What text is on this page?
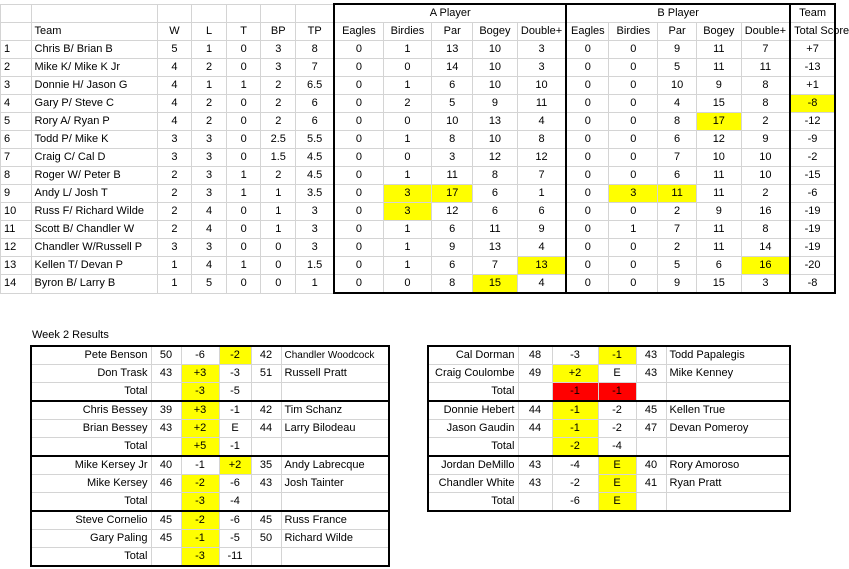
							A Player					B Player					Team
	Team	W	L	T	BP	TP	Eagles	Birdies	Par	Bogey	Double+	Eagles	Birdies	Par	Bogey	Double+	Total Score
1	Chris B/ Brian B	5	1	0	3	8	0	1	13	10	3	0	0	9	11	7	+7
2	Mike K/ Mike K Jr	4	2	0	3	7	0	0	14	10	3	0	0	5	11	11	-13
3	Donnie H/ Jason G	4	1	1	2	6.5	0	1	6	10	10	0	0	10	9	8	+1
4	Gary P/ Steve C	4	2	0	2	6	0	2	5	9	11	0	0	4	15	8	-8
5	Rory A/ Ryan P	4	2	0	2	6	0	0	10	13	4	0	0	8	17	2	-12
6	Todd P/ Mike K	3	3	0	2.5	5.5	0	1	8	10	8	0	0	6	12	9	-9
7	Craig C/ Cal D	3	3	0	1.5	4.5	0	0	3	12	12	0	0	7	10	10	-2
8	Roger W/ Peter B	2	3	1	2	4.5	0	1	11	8	7	0	0	6	11	10	-15
9	Andy L/ Josh T	2	3	1	1	3.5	0	3	17	6	1	0	3	11	11	2	-6
10	Russ F/ Richard Wilde	2	4	0	1	3	0	3	12	6	6	0	0	2	9	16	-19
11	Scott B/ Chandler W	2	4	0	1	3	0	1	6	11	9	0	1	7	11	8	-19
12	Chandler W/Russell P	3	3	0	0	3	0	1	9	13	4	0	0	2	11	14	-19
13	Kellen T/ Devan P	1	4	1	0	1.5	0	1	6	7	13	0	0	5	6	16	-20
14	Byron B/ Larry B	1	5	0	0	1	0	0	8	15	4	0	0	9	15	3	-8
Week 2 Results
Pete Benson	50	-6	-2	42	Chandler Woodcock
Don Trask	43	+3	-3	51	Russell Pratt
Total		-3	-5		
Chris Bessey	39	+3	-1	42	Tim Schanz
Brian Bessey	43	+2	E	44	Larry Bilodeau
Total		+5	-1		
Mike Kersey Jr	40	-1	+2	35	Andy Labrecque
Mike Kersey	46	-2	-6	43	Josh Tainter
Total		-3	-4		
Steve Cornelio	45	-2	-6	45	Russ France
Gary Paling	45	-1	-5	50	Richard Wilde
Total		-3	-11		
Cal Dorman	48	-3	-1	43	Todd Papalegis
Craig Coulombe	49	+2	E	43	Mike Kenney
Total		-1	-1		
Donnie Hebert	44	-1	-2	45	Kellen True
Jason Gaudin	44	-1	-2	47	Devan Pomeroy
Total		-2	-4		
Jordan DeMillo	43	-4	E	40	Rory Amoroso
Chandler White	43	-2	E	41	Ryan Pratt
Total		-6	E		
